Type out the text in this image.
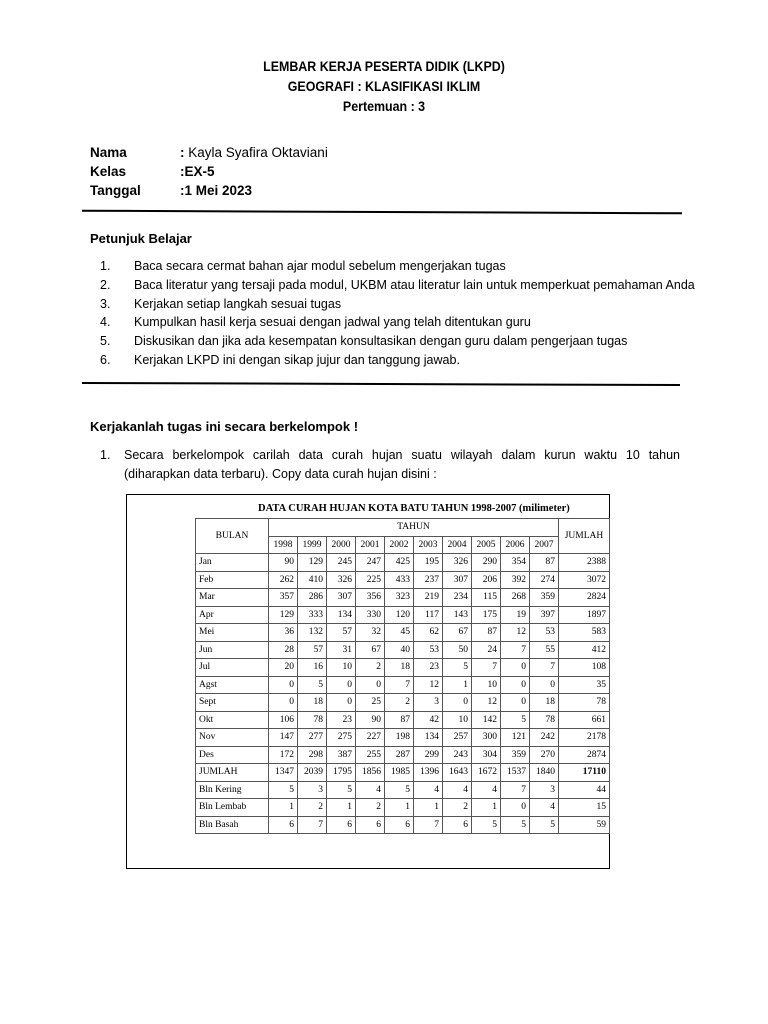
LEMBAR KERJA PESERTA DIDIK (LKPD)
GEOGRAFI : KLASIFIKASI IKLIM
Pertemuan : 3
Nama	: Kayla Syafira Oktaviani
Kelas	:EX-5
Tanggal	:1 Mei 2023
Petunjuk Belajar
1. Baca secara cermat bahan ajar modul sebelum mengerjakan tugas
2. Baca literatur yang tersaji pada modul, UKBM atau literatur lain untuk memperkuat pemahaman Anda
3. Kerjakan setiap langkah sesuai tugas
4. Kumpulkan hasil kerja sesuai dengan jadwal yang telah ditentukan guru
5. Diskusikan dan jika ada kesempatan konsultasikan dengan guru dalam pengerjaan tugas
6. Kerjakan LKPD ini dengan sikap jujur dan tanggung jawab.
Kerjakanlah tugas ini secara berkelompok !
1. Secara berkelompok carilah data curah hujan suatu wilayah dalam kurun waktu 10 tahun (diharapkan data terbaru). Copy data curah hujan disini :
DATA CURAH HUJAN KOTA BATU TAHUN 1998-2007 (milimeter)
BULAN	TAHUN										JUMLAH
	1998	1999	2000	2001	2002	2003	2004	2005	2006	2007	
Jan	90	129	245	247	425	195	326	290	354	87	2388
Feb	262	410	326	225	433	237	307	206	392	274	3072
Mar	357	286	307	356	323	219	234	115	268	359	2824
Apr	129	333	134	330	120	117	143	175	19	397	1897
Mei	36	132	57	32	45	62	67	87	12	53	583
Jun	28	57	31	67	40	53	50	24	7	55	412
Jul	20	16	10	2	18	23	5	7	0	7	108
Agst	0	5	0	0	7	12	1	10	0	0	35
Sept	0	18	0	25	2	3	0	12	0	18	78
Okt	106	78	23	90	87	42	10	142	5	78	661
Nov	147	277	275	227	198	134	257	300	121	242	2178
Des	172	298	387	255	287	299	243	304	359	270	2874
JUMLAH	1347	2039	1795	1856	1985	1396	1643	1672	1537	1840	17110
Bln Kering	5	3	5	4	5	4	4	4	7	3	44
Bln Lembab	1	2	1	2	1	1	2	1	0	4	15
Bln Basah	6	7	6	6	6	7	6	5	5	5	59
